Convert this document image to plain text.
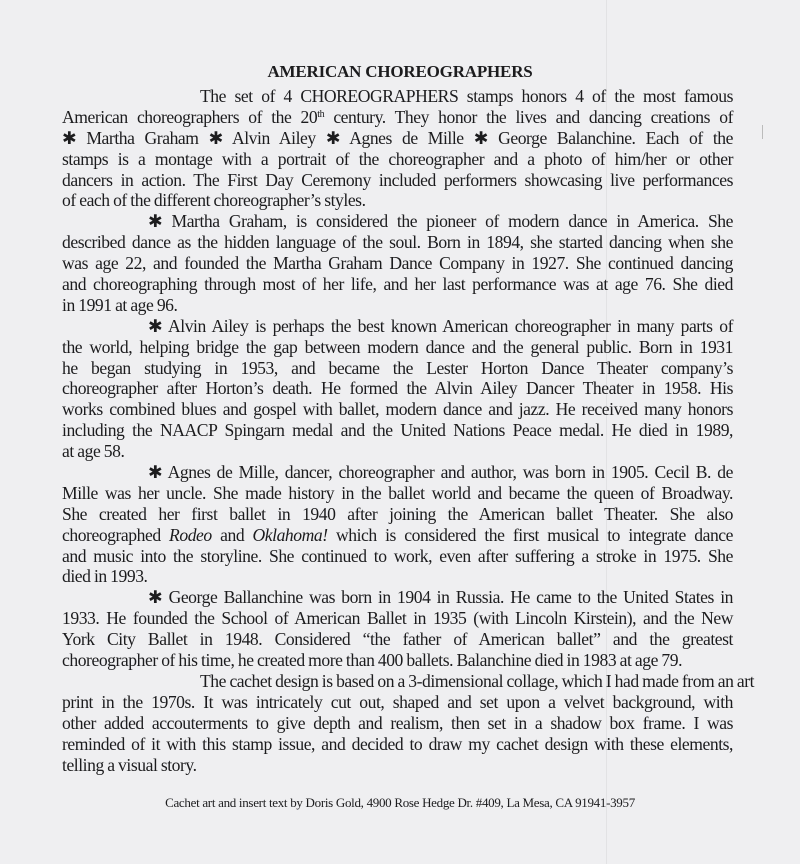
AMERICAN CHOREOGRAPHERS
The set of 4 CHOREOGRAPHERS stamps honors 4 of the most famous
American choreographers of the 20th century. They honor the lives and dancing creations of
✱ Martha Graham ✱ Alvin Ailey ✱ Agnes de Mille ✱ George Balanchine. Each of the
stamps is a montage with a portrait of the choreographer and a photo of him/her or other
dancers in action. The First Day Ceremony included performers showcasing live performances
of each of the different choreographer’s styles.
✱ Martha Graham, is considered the pioneer of modern dance in America. She
described dance as the hidden language of the soul. Born in 1894, she started dancing when she
was age 22, and founded the Martha Graham Dance Company in 1927. She continued dancing
and choreographing through most of her life, and her last performance was at age 76. She died
in 1991 at age 96.
✱ Alvin Ailey is perhaps the best known American choreographer in many parts of
the world, helping bridge the gap between modern dance and the general public. Born in 1931
he began studying in 1953, and became the Lester Horton Dance Theater company’s
choreographer after Horton’s death. He formed the Alvin Ailey Dancer Theater in 1958. His
works combined blues and gospel with ballet, modern dance and jazz. He received many honors
including the NAACP Spingarn medal and the United Nations Peace medal. He died in 1989,
at age 58.
✱ Agnes de Mille, dancer, choreographer and author, was born in 1905. Cecil B. de
Mille was her uncle. She made history in the ballet world and became the queen of Broadway.
She created her first ballet in 1940 after joining the American ballet Theater. She also
choreographed Rodeo and Oklahoma! which is considered the first musical to integrate dance
and music into the storyline. She continued to work, even after suffering a stroke in 1975. She
died in 1993.
✱ George Ballanchine was born in 1904 in Russia. He came to the United States in
1933. He founded the School of American Ballet in 1935 (with Lincoln Kirstein), and the New
York City Ballet in 1948. Considered “the father of American ballet” and the greatest
choreographer of his time, he created more than 400 ballets. Balanchine died in 1983 at age 79.
The cachet design is based on a 3-dimensional collage, which I had made from an art
print in the 1970s. It was intricately cut out, shaped and set upon a velvet background, with
other added accouterments to give depth and realism, then set in a shadow box frame. I was
reminded of it with this stamp issue, and decided to draw my cachet design with these elements,
telling a visual story.
Cachet art and insert text by Doris Gold, 4900 Rose Hedge Dr. #409, La Mesa, CA 91941-3957
